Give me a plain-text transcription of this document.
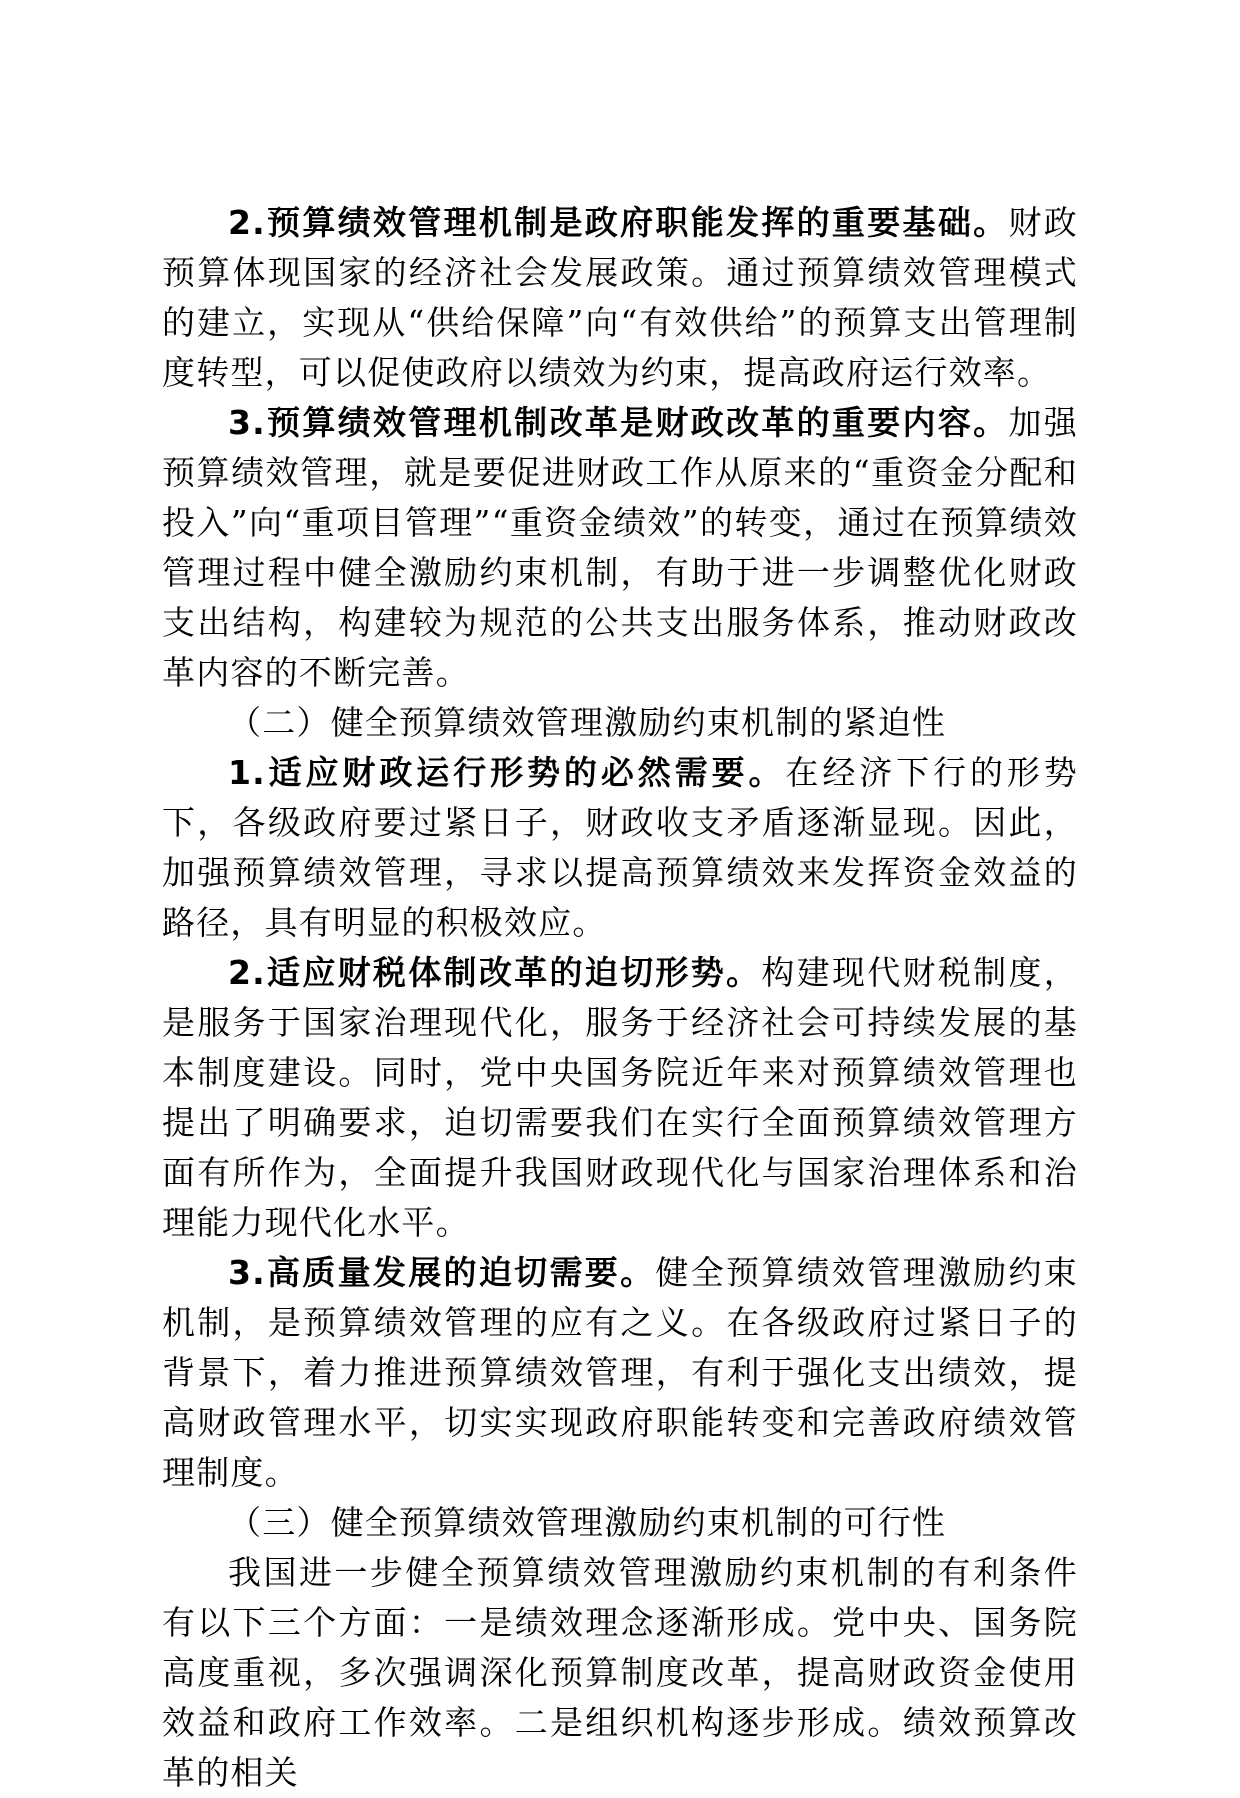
2.预算绩效管理机制是政府职能发挥的重要基础。财政预算体现国家的经济社会发展政策。通过预算绩效管理模式的建立，实现从“供给保障”向“有效供给”的预算支出管理制度转型，可以促使政府以绩效为约束，提高政府运行效率。

3.预算绩效管理机制改革是财政改革的重要内容。加强预算绩效管理，就是要促进财政工作从原来的“重资金分配和投入”向“重项目管理”“重资金绩效”的转变，通过在预算绩效管理过程中健全激励约束机制，有助于进一步调整优化财政支出结构，构建较为规范的公共支出服务体系，推动财政改革内容的不断完善。

（二）健全预算绩效管理激励约束机制的紧迫性

1.适应财政运行形势的必然需要。在经济下行的形势下，各级政府要过紧日子，财政收支矛盾逐渐显现。因此，加强预算绩效管理，寻求以提高预算绩效来发挥资金效益的路径，具有明显的积极效应。

2.适应财税体制改革的迫切形势。构建现代财税制度，是服务于国家治理现代化，服务于经济社会可持续发展的基本制度建设。同时，党中央国务院近年来对预算绩效管理也提出了明确要求，迫切需要我们在实行全面预算绩效管理方面有所作为，全面提升我国财政现代化与国家治理体系和治理能力现代化水平。

3.高质量发展的迫切需要。健全预算绩效管理激励约束机制，是预算绩效管理的应有之义。在各级政府过紧日子的背景下，着力推进预算绩效管理，有利于强化支出绩效，提高财政管理水平，切实实现政府职能转变和完善政府绩效管理制度。

（三）健全预算绩效管理激励约束机制的可行性

我国进一步健全预算绩效管理激励约束机制的有利条件有以下三个方面：一是绩效理念逐渐形成。党中央、国务院高度重视，多次强调深化预算制度改革，提高财政资金使用效益和政府工作效率。二是组织机构逐步形成。绩效预算改革的相关
